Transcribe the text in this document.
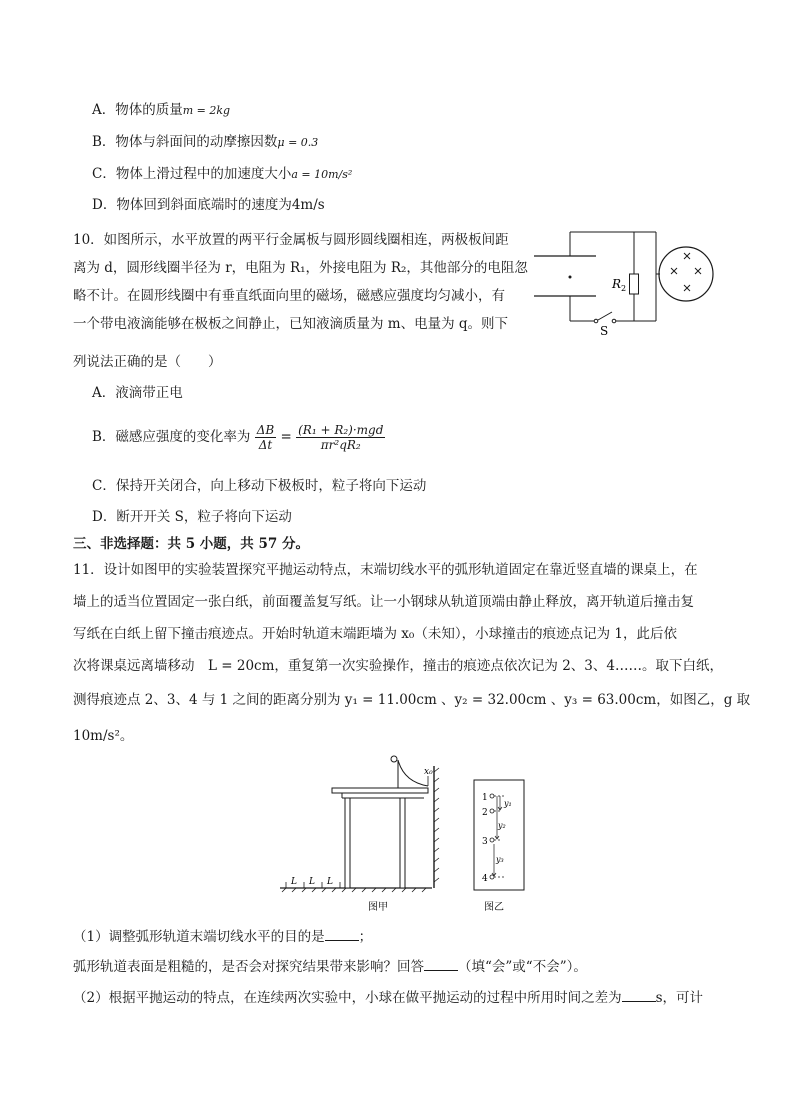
A．物体的质量m = 2kg
B．物体与斜面间的动摩擦因数μ = 0.3
C．物体上滑过程中的加速度大小a = 10m/s²
D．物体回到斜面底端时的速度为4m/s
10．如图所示，水平放置的两平行金属板与圆形圆线圈相连，两极板间距
离为 d，圆形线圈半径为 r，电阻为 R₁，外接电阻为 R₂，其他部分的电阻忽
略不计。在圆形线圈中有垂直纸面向里的磁场，磁感应强度均匀减小，有
一个带电液滴能够在极板之间静止，已知液滴质量为 m、电量为 q。则下
列说法正确的是（　　）
S
$R_2$
A．液滴带正电
B．磁感应强度的变化率为 $\frac{\Delta B}{\Delta t} = \frac{\text{(R₁ + R₂)·mgd}}{\text{πr²qR₂}}$
C．保持开关闭合，向上移动下极板时，粒子将向下运动
D．断开开关 S，粒子将向下运动
三、非选择题：共 5 小题，共 57 分。
11．设计如图甲的实验装置探究平抛运动特点，末端切线水平的弧形轨道固定在靠近竖直墙的课桌上，在
墙上的适当位置固定一张白纸，前面覆盖复写纸。让一小钢球从轨道顶端由静止释放，离开轨道后撞击复
写纸在白纸上留下撞击痕迹点。开始时轨道末端距墙为 x₀（未知），小球撞击的痕迹点记为 1，此后依
次将课桌远离墙移动　L = 20cm，重复第一次实验操作，撞击的痕迹点依次记为 2、3、4……。取下白纸，
测得痕迹点 2、3、4 与 1 之间的距离分别为 y₁ = 11.00cm 、y₂ = 32.00cm 、y₃ = 63.00cm，如图乙，g 取
10m/s²。
L L L
x₀
图甲
1
2
3
4
y₁
y₂
y₃
图乙
（1）调整弧形轨道末端切线水平的目的是	；
弧形轨道表面是粗糙的，是否会对探究结果带来影响？回答	（填“会”或“不会”）。
（2）根据平抛运动的特点，在连续两次实验中，小球在做平抛运动的过程中所用时间之差为	s，可计
